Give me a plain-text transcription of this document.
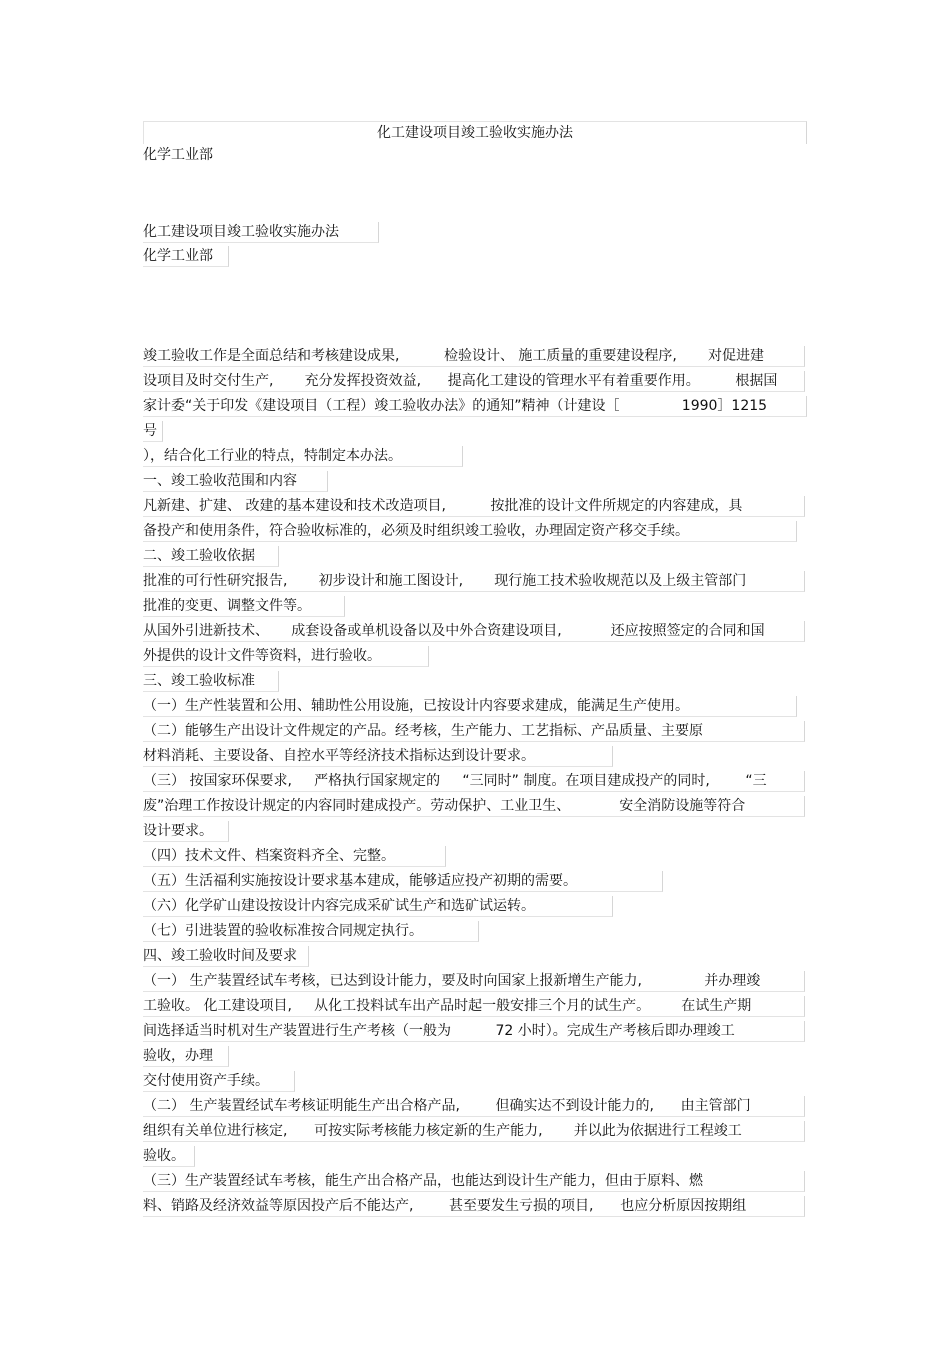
化工建设项目竣工验收实施办法
化学工业部
化工建设项目竣工验收实施办法
化学工业部
竣工验收工作是全面总结和考核建设成果,          检验设计、 施工质量的重要建设程序,       对促进建
设项目及时交付生产,       充分发挥投资效益,      提高化工建设的管理水平有着重要作用。        根据国
家计委“关于印发《建设项目（工程）竣工验收办法》的通知”精神（计建设［              1990］1215
号
），结合化工行业的特点，特制定本办法。
一、竣工验收范围和内容
凡新建、扩建、 改建的基本建设和技术改造项目,          按批准的设计文件所规定的内容建成，具
备投产和使用条件，符合验收标准的，必须及时组织竣工验收，办理固定资产移交手续。
二、竣工验收依据
批准的可行性研究报告,       初步设计和施工图设计,       现行施工技术验收规范以及上级主管部门
批准的变更、调整文件等。
从国外引进新技术、     成套设备或单机设备以及中外合资建设项目,           还应按照签定的合同和国
外提供的设计文件等资料，进行验收。
三、竣工验收标准
（一）生产性装置和公用、辅助性公用设施，已按设计内容要求建成，能满足生产使用。
（二）能够生产出设计文件规定的产品。经考核，生产能力、工艺指标、产品质量、主要原
材料消耗、主要设备、自控水平等经济技术指标达到设计要求。
（三） 按国家环保要求,     严格执行国家规定的     “三同时” 制度。在项目建成投产的同时,        “三
废”治理工作按设计规定的内容同时建成投产。劳动保护、工业卫生、           安全消防设施等符合
设计要求。
（四）技术文件、档案资料齐全、完整。
（五）生活福利实施按设计要求基本建成，能够适应投产初期的需要。
（六）化学矿山建设按设计内容完成采矿试生产和选矿试运转。
（七）引进装置的验收标准按合同规定执行。
四、竣工验收时间及要求
（一） 生产装置经试车考核，已达到设计能力，要及时向国家上报新增生产能力,              并办理竣
工验收。 化工建设项目,     从化工投料试车出产品时起一般安排三个月的试生产。       在试生产期
间选择适当时机对生产装置进行生产考核（一般为          72 小时）。完成生产考核后即办理竣工
验收，办理
交付使用资产手续。
（二） 生产装置经试车考核证明能生产出合格产品,        但确实达不到设计能力的,      由主管部门
组织有关单位进行核定,      可按实际考核能力核定新的生产能力,       并以此为依据进行工程竣工
验收。
（三）生产装置经试车考核，能生产出合格产品，也能达到设计生产能力，但由于原料、燃
料、销路及经济效益等原因投产后不能达产,        甚至要发生亏损的项目,      也应分析原因按期组
